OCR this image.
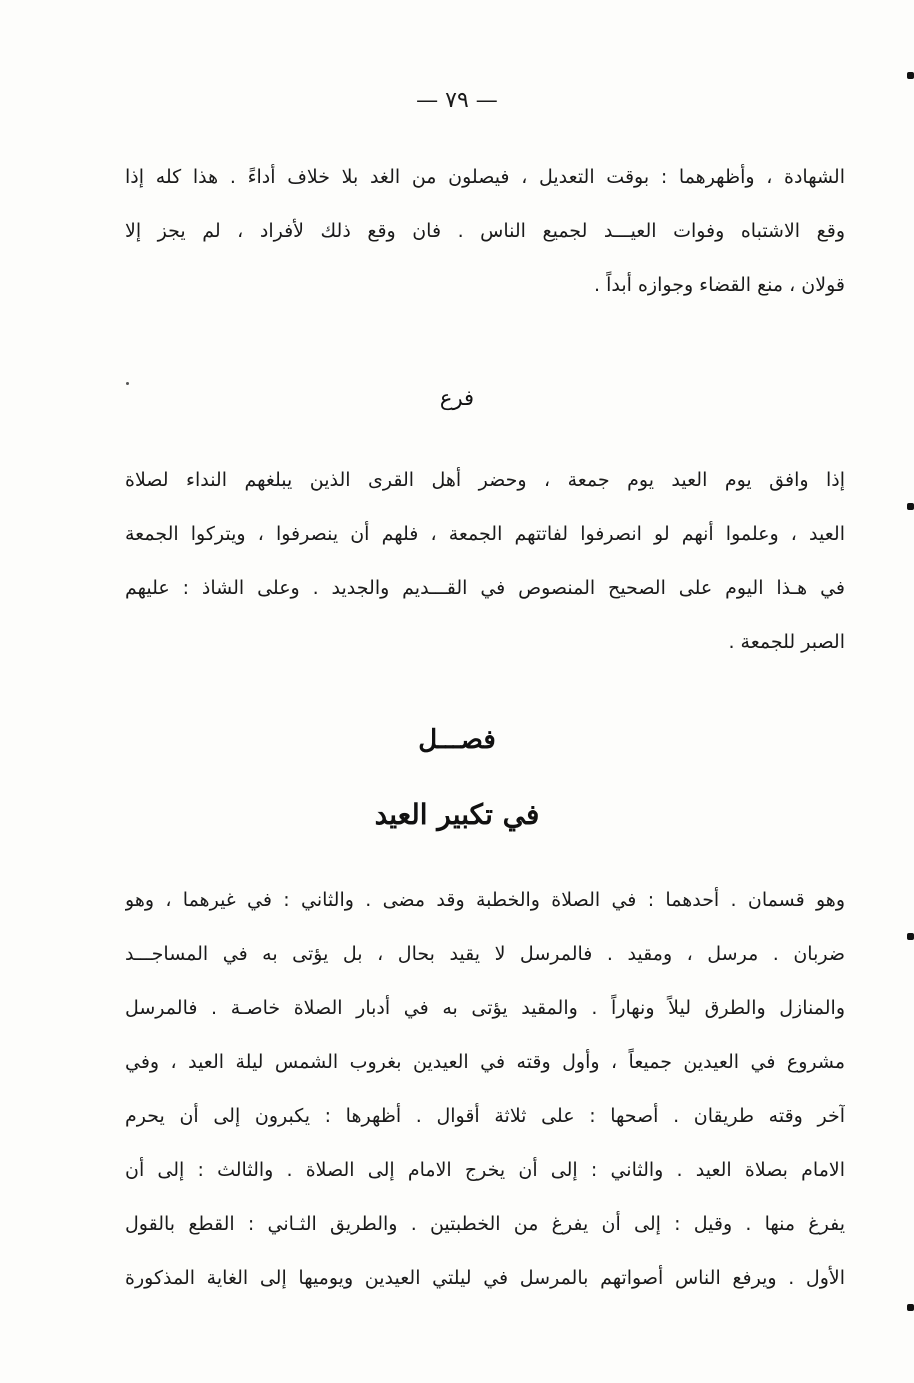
— ٧٩ —
الشهادة ، وأظهرهما : بوقت التعديل ، فيصلون من الغد بلا خلاف أداءً . هذا كله إذا
وقع الاشتباه وفوات العيـــد لجميع الناس . فان وقع ذلك لأفراد ، لم يجز إلا
قولان ، منع القضاء وجوازه أبداً .
فرع
إذا وافق يوم العيد يوم جمعة ، وحضر أهل القرى الذين يبلغهم النداء لصلاة
العيد ، وعلموا أنهم لو انصرفوا لفاتتهم الجمعة ، فلهم أن ينصرفوا ، ويتركوا الجمعة
في هـذا اليوم على الصحيح المنصوص في القـــديم والجديد . وعلى الشاذ : عليهم
الصبر للجمعة .
فصـــل
في تكبير العيد
وهو قسمان . أحدهما : في الصلاة والخطبة وقد مضى . والثاني : في غيرهما ، وهو
ضربان . مرسل ، ومقيد . فالمرسل لا يقيد بحال ، بل يؤتى به في المساجـــد
والمنازل والطرق ليلاً ونهاراً . والمقيد يؤتى به في أدبار الصلاة خاصـة . فالمرسل
مشروع في العيدين جميعاً ، وأول وقته في العيدين بغروب الشمس ليلة العيد ، وفي
آخر وقته طريقان . أصحها : على ثلاثة أقوال . أظهرها : يكبرون إلى أن يحرم
الامام بصلاة العيد . والثاني : إلى أن يخرج الامام إلى الصلاة . والثالث : إلى أن
يفرغ منها . وقيل : إلى أن يفرغ من الخطبتين . والطريق الثـاني : القطع بالقول
الأول . ويرفع الناس أصواتهم بالمرسل في ليلتي العيدين ويوميها إلى الغاية المذكورة
